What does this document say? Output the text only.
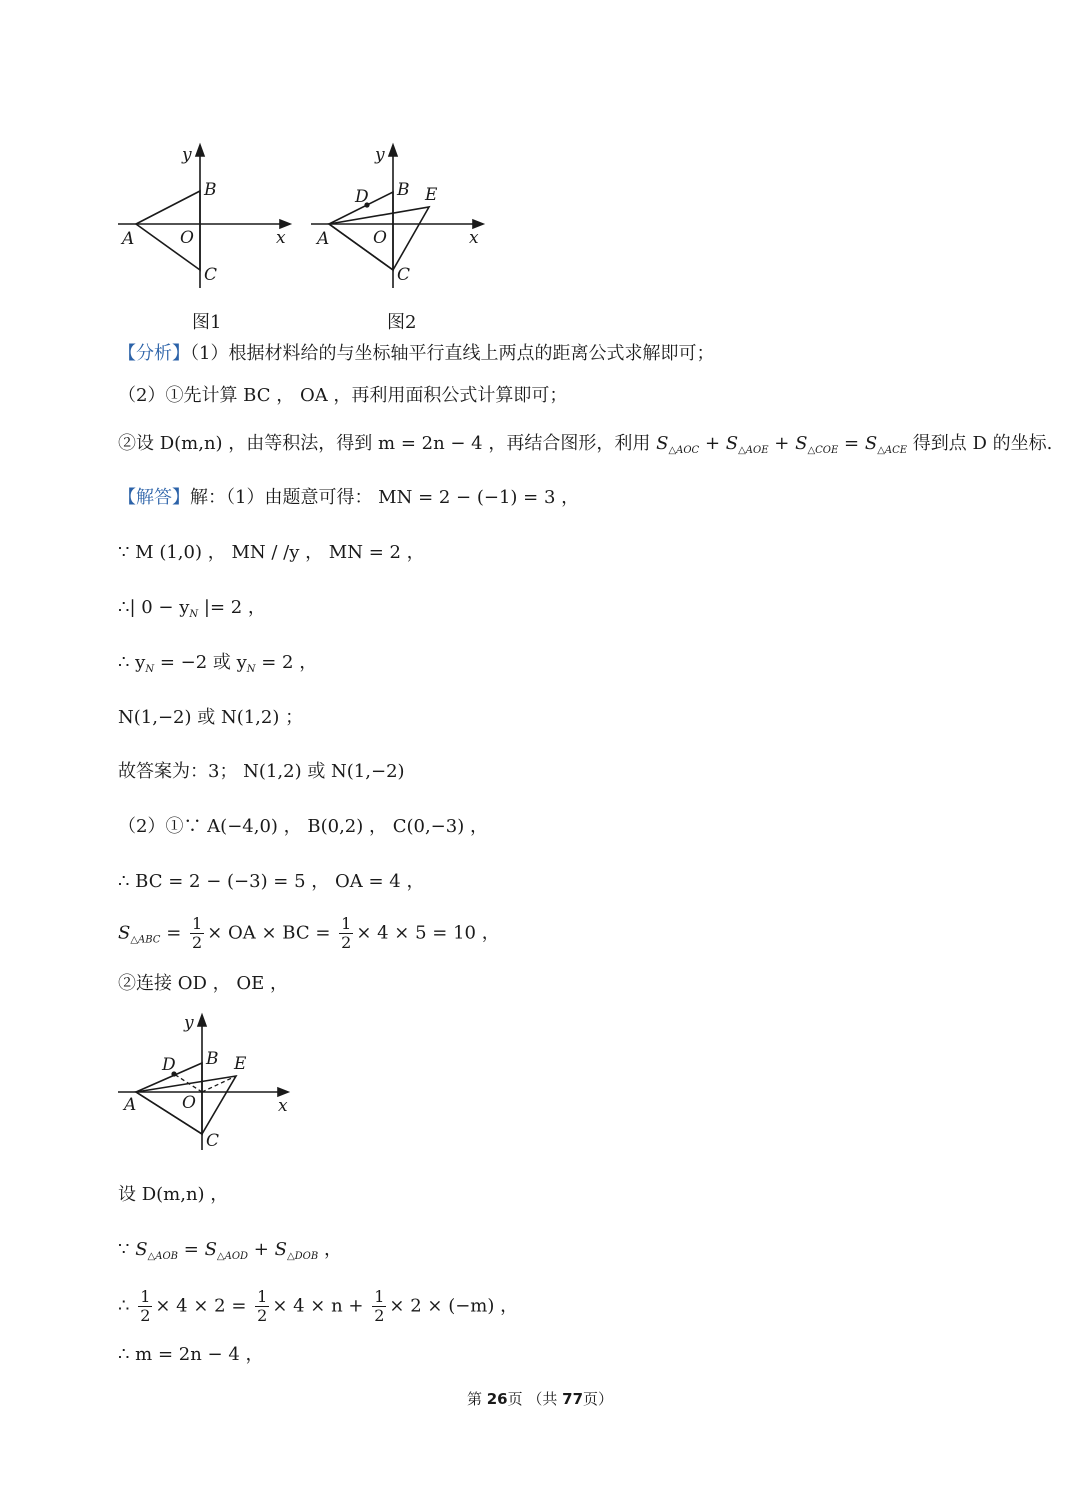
y
x
A	O
B
C
图1
y
x
A	O
B
C
D	E
图2
【分析】（1）根据材料给的与坐标轴平行直线上两点的距离公式求解即可；
（2）①先计算 BC ， OA ，再利用面积公式计算即可；
②设 D(m,n) ，由等积法，得到 m = 2n − 4 ，再结合图形，利用 $S_{\triangle AOC} + S_{\triangle AOE} + S_{\triangle COE} = S_{\triangle ACE}$ 得到点 D 的坐标.
【解答】解：（1）由题意可得： MN = 2 − (−1) = 3 ，
∵ M (1,0) ， MN / /y ， MN = 2 ，
∴| $0 - y_N$ |= 2 ，
∴ $y_N = -2$ 或 $y_N = 2$ ，
N(1,−2) 或 N(1,2) ；
故答案为：3； N(1,2) 或 N(1,−2)
（2）①∵ A(−4,0) ， B(0,2) ， C(0,−3) ，
∴ BC = 2 − (−3) = 5 ， OA = 4 ，
$S_{\triangle ABC} = \frac{1}{2}$ × OA × BC = $\frac{1}{2} \times 4 \times 5 = 10$ ，
②连接 OD ， OE ，
y
x
A	O
B
C
D	E
设 D(m,n) ，
∵ $S_{\triangle AOB} = S_{\triangle AOD} + S_{\triangle DOB}$ ，
∴ $\frac{1}{2} \times 4 \times 2 = \frac{1}{2} \times 4 \times n + \frac{1}{2} \times 2 \times (-m)$ ，
∴ m = 2n − 4 ，
第 26页 （共 77页）
